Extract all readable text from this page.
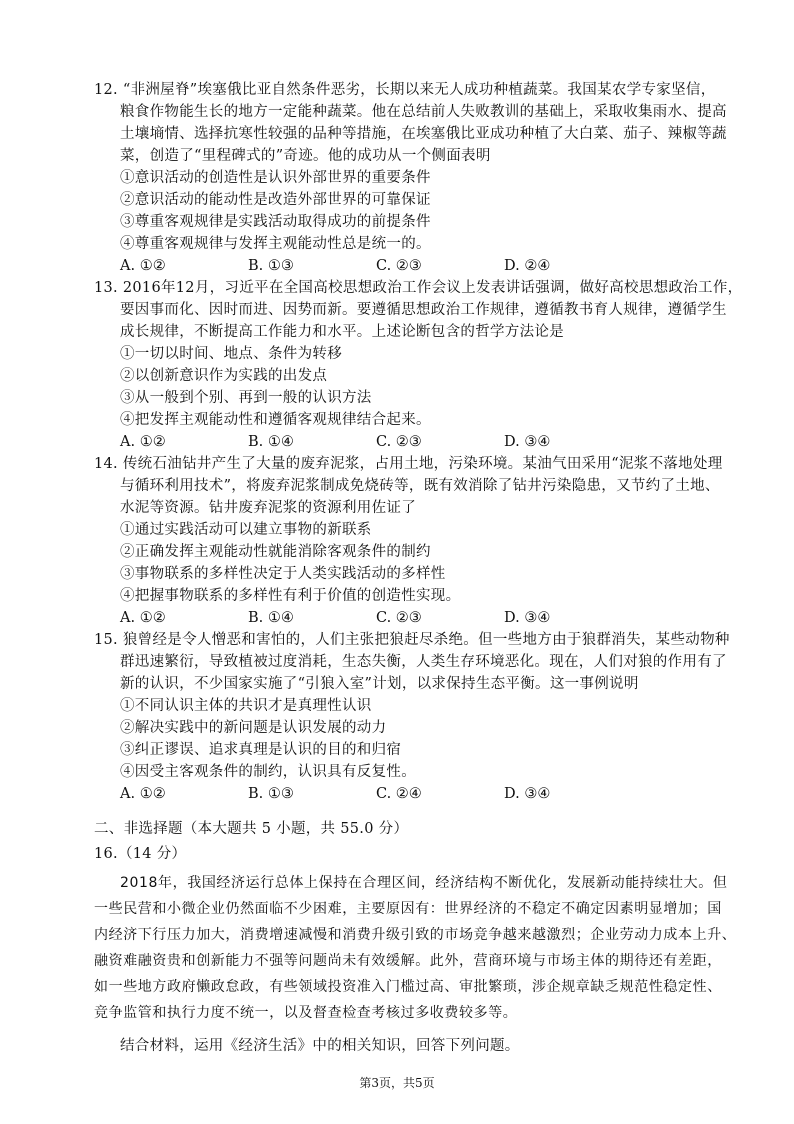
12. “非洲屋脊”埃塞俄比亚自然条件恶劣，长期以来无人成功种植蔬菜。我国某农学专家坚信，
粮食作物能生长的地方一定能种蔬菜。他在总结前人失败教训的基础上，采取收集雨水、提高
土壤墒情、选择抗寒性较强的品种等措施，在埃塞俄比亚成功种植了大白菜、茄子、辣椒等蔬
菜，创造了“里程碑式的”奇迹。他的成功从一个侧面表明
①意识活动的创造性是认识外部世界的重要条件
②意识活动的能动性是改造外部世界的可靠保证
③尊重客观规律是实践活动取得成功的前提条件
④尊重客观规律与发挥主观能动性总是统一的。
A. ①②	B. ①③	C. ②③	D. ②④
13. 2016年12月，习近平在全国高校思想政治工作会议上发表讲话强调，做好高校思想政治工作，
要因事而化、因时而进、因势而新。要遵循思想政治工作规律，遵循教书育人规律，遵循学生
成长规律，不断提高工作能力和水平。上述论断包含的哲学方法论是
①一切以时间、地点、条件为转移
②以创新意识作为实践的出发点
③从一般到个别、再到一般的认识方法
④把发挥主观能动性和遵循客观规律结合起来。
A. ①②	B. ①④	C. ②③	D. ③④
14. 传统石油钻井产生了大量的废弃泥浆，占用土地，污染环境。某油气田采用“泥浆不落地处理
与循环利用技术”，将废弃泥浆制成免烧砖等，既有效消除了钻井污染隐患，又节约了土地、
水泥等资源。钻井废弃泥浆的资源利用佐证了
①通过实践活动可以建立事物的新联系
②正确发挥主观能动性就能消除客观条件的制约
③事物联系的多样性决定于人类实践活动的多样性
④把握事物联系的多样性有利于价值的创造性实现。
A. ①②	B. ①④	C. ②③	D. ③④
15. 狼曾经是令人憎恶和害怕的，人们主张把狼赶尽杀绝。但一些地方由于狼群消失，某些动物种
群迅速繁衍，导致植被过度消耗，生态失衡，人类生存环境恶化。现在，人们对狼的作用有了
新的认识，不少国家实施了“引狼入室”计划，以求保持生态平衡。这一事例说明
①不同认识主体的共识才是真理性认识
②解决实践中的新问题是认识发展的动力
③纠正谬误、追求真理是认识的目的和归宿
④因受主客观条件的制约，认识具有反复性。
A. ①②	B. ①③	C. ②④	D. ③④
二、非选择题（本大题共 5 小题，共 55.0 分）
16.（14 分）
2018年，我国经济运行总体上保持在合理区间，经济结构不断优化，发展新动能持续壮大。但
一些民营和小微企业仍然面临不少困难，主要原因有：世界经济的不稳定不确定因素明显增加；国
内经济下行压力加大，消费增速减慢和消费升级引致的市场竞争越来越激烈；企业劳动力成本上升、
融资难融资贵和创新能力不强等问题尚未有效缓解。此外，营商环境与市场主体的期待还有差距，
如一些地方政府懒政怠政，有些领域投资准入门槛过高、审批繁琐，涉企规章缺乏规范性稳定性、
竞争监管和执行力度不统一，以及督查检查考核过多收费较多等。
结合材料，运用《经济生活》中的相关知识，回答下列问题。
第3页，共5页
